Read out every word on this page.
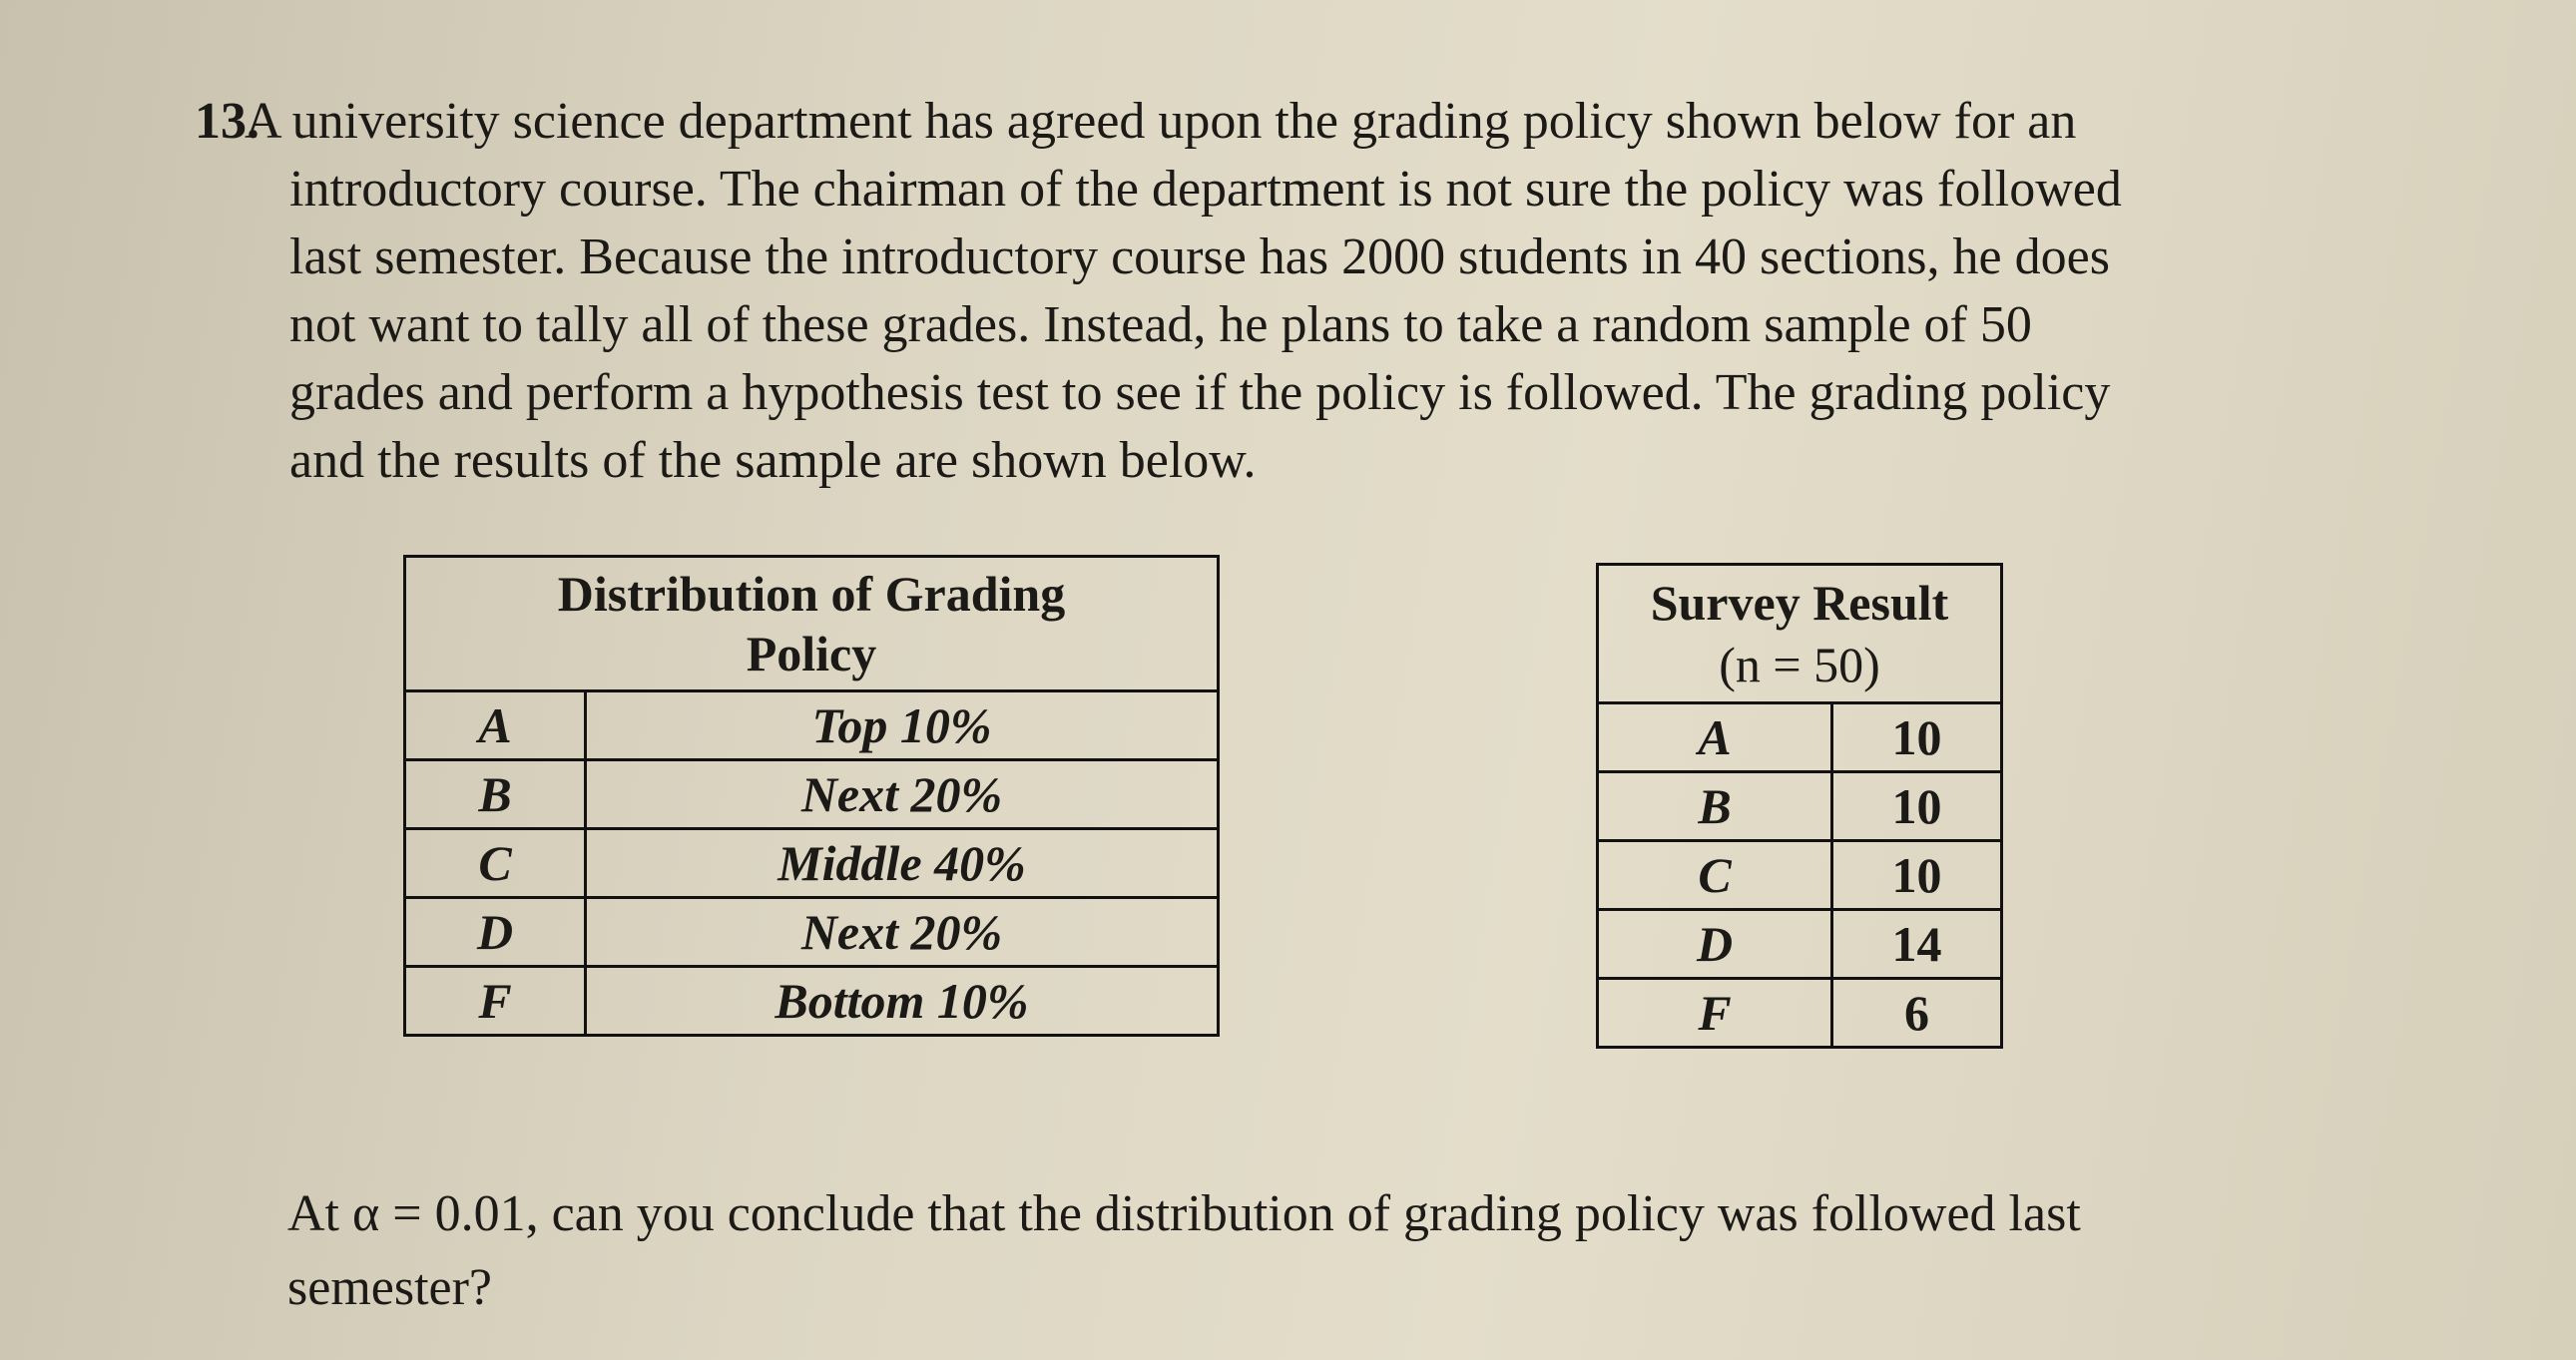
13.
A university science department has agreed upon the grading policy shown below for an
introductory course. The chairman of the department is not sure the policy was followed
last semester. Because the introductory course has 2000 students in 40 sections, he does
not want to tally all of these grades. Instead, he plans to take a random sample of 50
grades and perform a hypothesis test to see if the policy is followed. The grading policy
and the results of the sample are shown below.
Distribution of Grading
Policy	

A	Top 10%
B	Next 20%
C	Middle 40%
D	Next 20%
F	Bottom 10%
Survey Result
(n = 50)	

A	10
B	10
C	10
D	14
F	6
At α = 0.01, can you conclude that the distribution of grading policy was followed last
semester?
